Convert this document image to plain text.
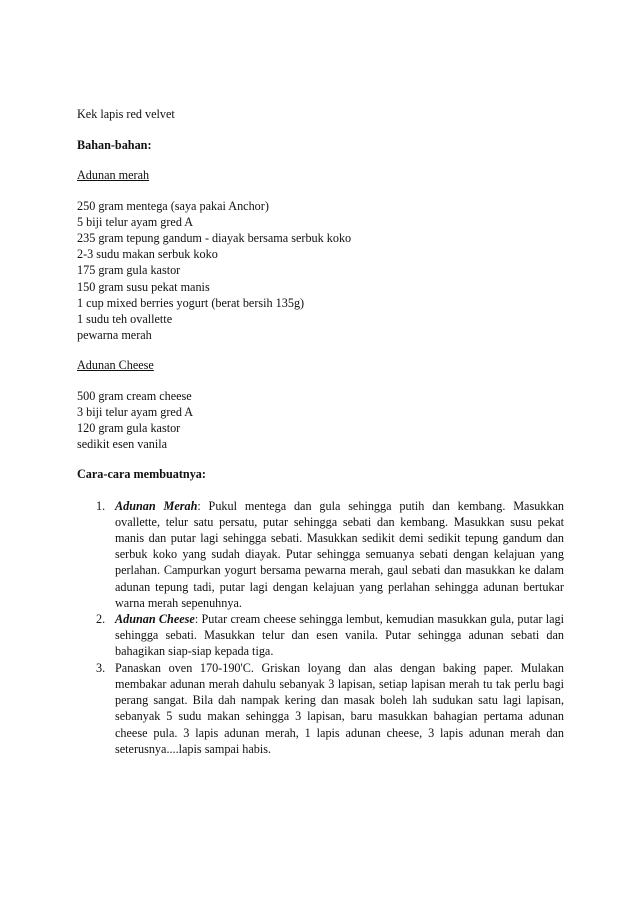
Kek lapis red velvet
Bahan-bahan:
Adunan merah
250 gram mentega (saya pakai Anchor)
5 biji telur ayam gred A
235 gram tepung gandum - diayak bersama serbuk koko
2-3 sudu makan serbuk koko
175 gram gula kastor
150 gram susu pekat manis
1 cup mixed berries yogurt (berat bersih 135g)
1 sudu teh ovallette
pewarna merah
Adunan Cheese
500 gram cream cheese
3 biji telur ayam gred A
120 gram gula kastor
sedikit esen vanila
Cara-cara membuatnya:
1. Adunan Merah: Pukul mentega dan gula sehingga putih dan kembang. Masukkan ovallette, telur satu persatu, putar sehingga sebati dan kembang. Masukkan susu pekat manis dan putar lagi sehingga sebati. Masukkan sedikit demi sedikit tepung gandum dan serbuk koko yang sudah diayak. Putar sehingga semuanya sebati dengan kelajuan yang perlahan. Campurkan yogurt bersama pewarna merah, gaul sebati dan masukkan ke dalam adunan tepung tadi, putar lagi dengan kelajuan yang perlahan sehingga adunan bertukar warna merah sepenuhnya.
2. Adunan Cheese: Putar cream cheese sehingga lembut, kemudian masukkan gula, putar lagi sehingga sebati. Masukkan telur dan esen vanila. Putar sehingga adunan sebati dan bahagikan siap-siap kepada tiga.
3. Panaskan oven 170-190'C. Griskan loyang dan alas dengan baking paper. Mulakan membakar adunan merah dahulu sebanyak 3 lapisan, setiap lapisan merah tu tak perlu bagi perang sangat. Bila dah nampak kering dan masak boleh lah sudukan satu lagi lapisan, sebanyak 5 sudu makan sehingga 3 lapisan, baru masukkan bahagian pertama adunan cheese pula. 3 lapis adunan merah, 1 lapis adunan cheese, 3 lapis adunan merah dan seterusnya....lapis sampai habis.
